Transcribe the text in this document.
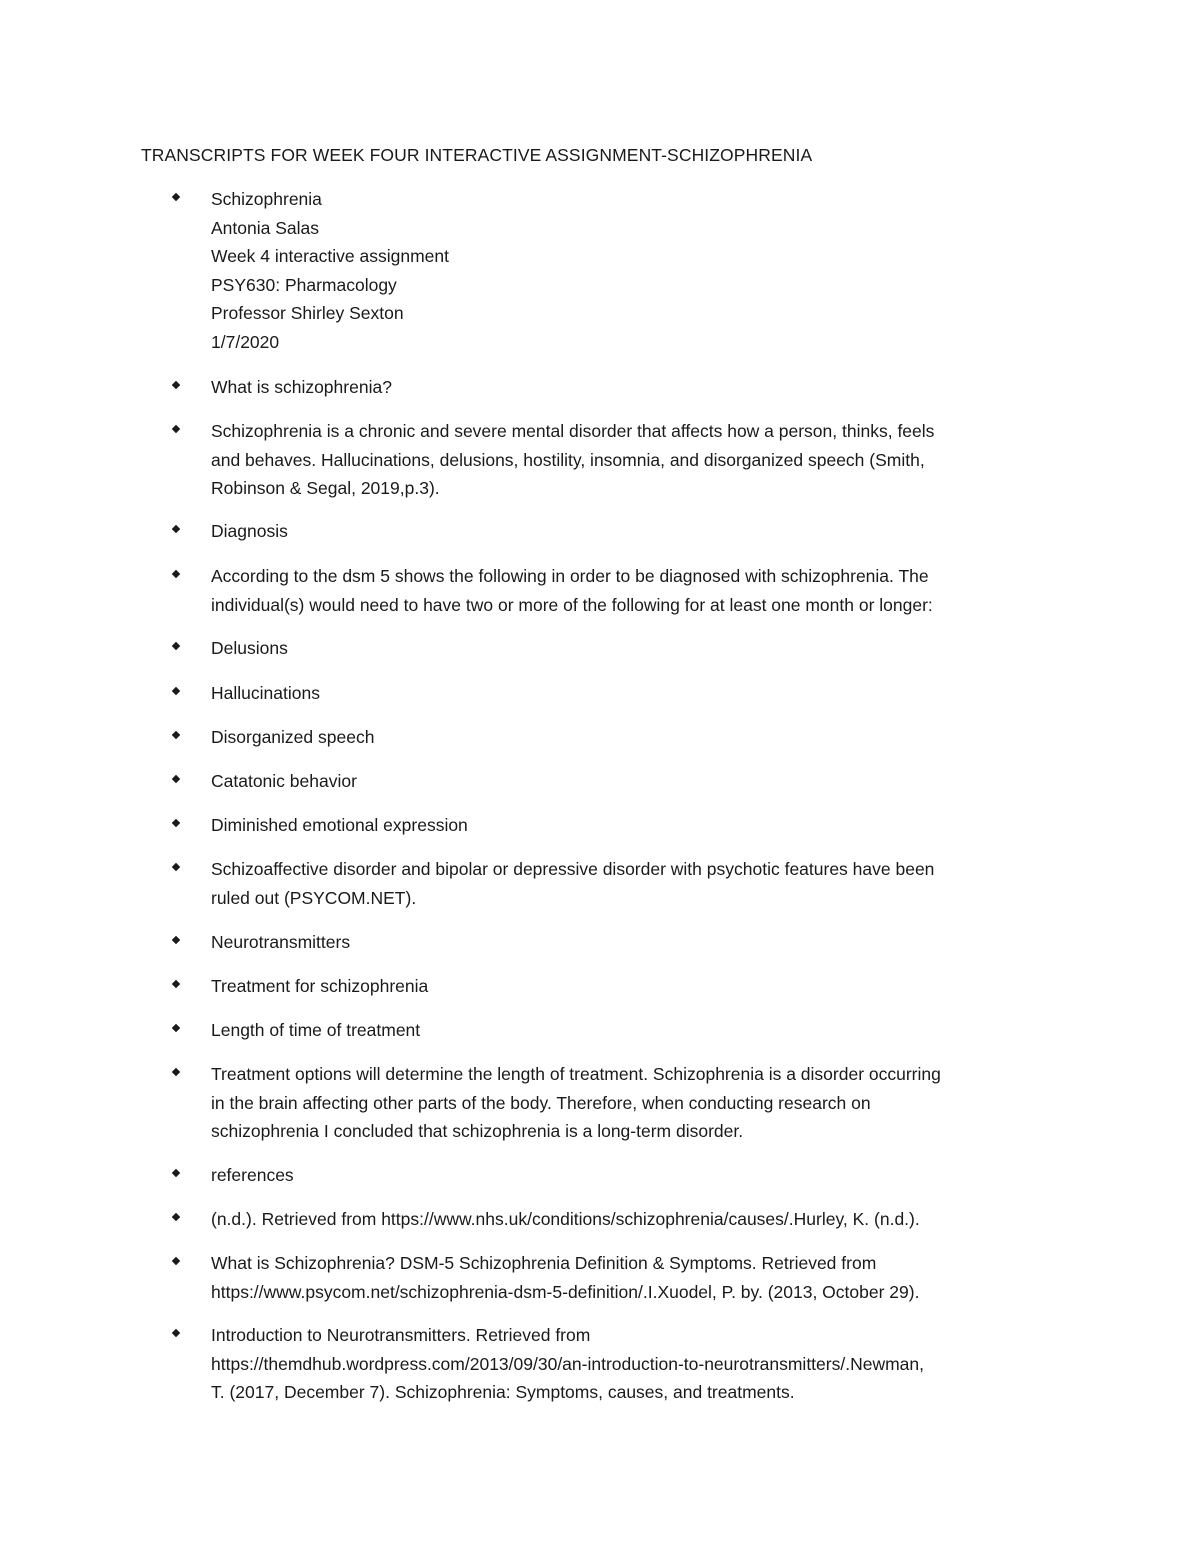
TRANSCRIPTS FOR WEEK FOUR INTERACTIVE ASSIGNMENT-SCHIZOPHRENIA
Schizophrenia
Antonia Salas
Week 4 interactive assignment
PSY630: Pharmacology
Professor Shirley Sexton
1/7/2020
What is schizophrenia?
Schizophrenia is a chronic and severe mental disorder that affects how a person, thinks, feels
and behaves. Hallucinations, delusions, hostility, insomnia, and disorganized speech (Smith,
Robinson & Segal, 2019,p.3).
Diagnosis
According to the dsm 5 shows the following in order to be diagnosed with schizophrenia. The
individual(s) would need to have two or more of the following for at least one month or longer:
Delusions
Hallucinations
Disorganized speech
Catatonic behavior
Diminished emotional expression
Schizoaffective disorder and bipolar or depressive disorder with psychotic features have been
ruled out (PSYCOM.NET).
Neurotransmitters
Treatment for schizophrenia
Length of time of treatment
Treatment options will determine the length of treatment. Schizophrenia is a disorder occurring
in the brain affecting other parts of the body. Therefore, when conducting research on
schizophrenia I concluded that schizophrenia is a long-term disorder.
references
(n.d.). Retrieved from https://www.nhs.uk/conditions/schizophrenia/causes/.Hurley, K. (n.d.).
What is Schizophrenia? DSM-5 Schizophrenia Definition & Symptoms. Retrieved from
https://www.psycom.net/schizophrenia-dsm-5-definition/.I.Xuodel, P. by. (2013, October 29).
Introduction to Neurotransmitters. Retrieved from
https://themdhub.wordpress.com/2013/09/30/an-introduction-to-neurotransmitters/.Newman,
T. (2017, December 7). Schizophrenia: Symptoms, causes, and treatments.
